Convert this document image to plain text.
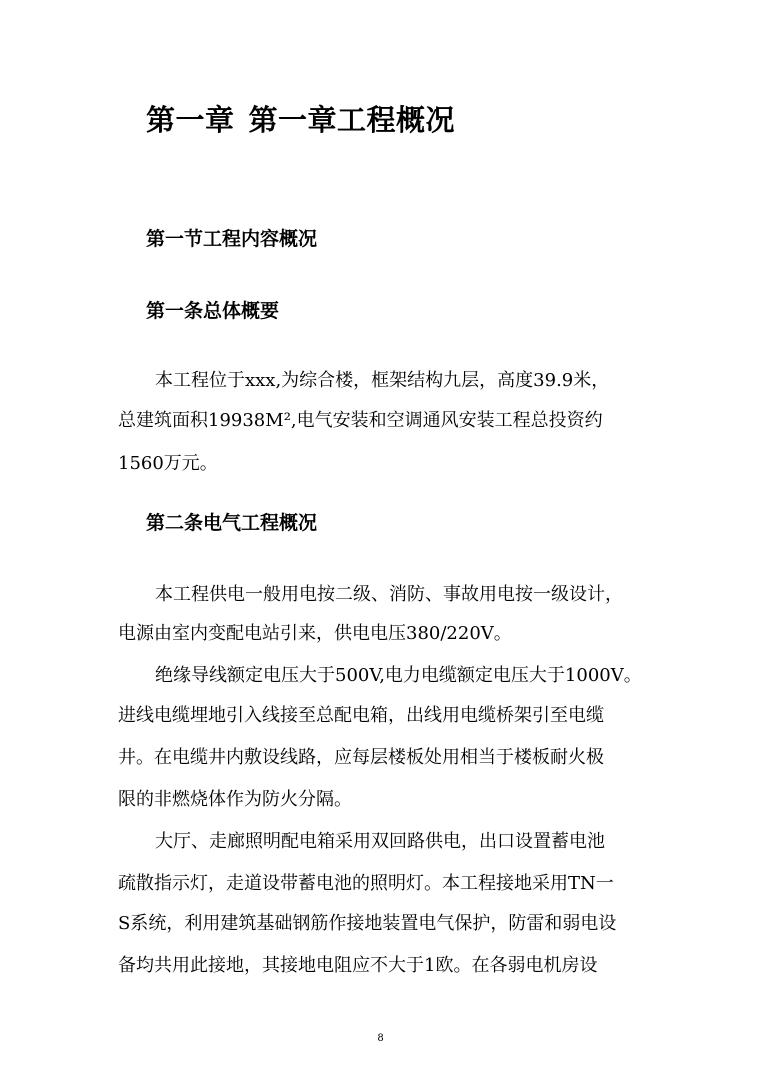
第一章 第一章工程概况
第一节工程内容概况
第一条总体概要
本工程位于xxx,为综合楼，框架结构九层，高度39.9米，
总建筑面积19938M²,电气安装和空调通风安装工程总投资约
1560万元。
第二条电气工程概况
本工程供电一般用电按二级、消防、事故用电按一级设计，
电源由室内变配电站引来，供电电压380/220V。
绝缘导线额定电压大于500V,电力电缆额定电压大于1000V。
进线电缆埋地引入线接至总配电箱，出线用电缆桥架引至电缆
井。在电缆井内敷设线路，应每层楼板处用相当于楼板耐火极
限的非燃烧体作为防火分隔。
大厅、走廊照明配电箱采用双回路供电，出口设置蓄电池
疏散指示灯，走道设带蓄电池的照明灯。本工程接地采用TN一
S系统，利用建筑基础钢筋作接地装置电气保护，防雷和弱电设
备均共用此接地，其接地电阻应不大于1欧。在各弱电机房设
8
